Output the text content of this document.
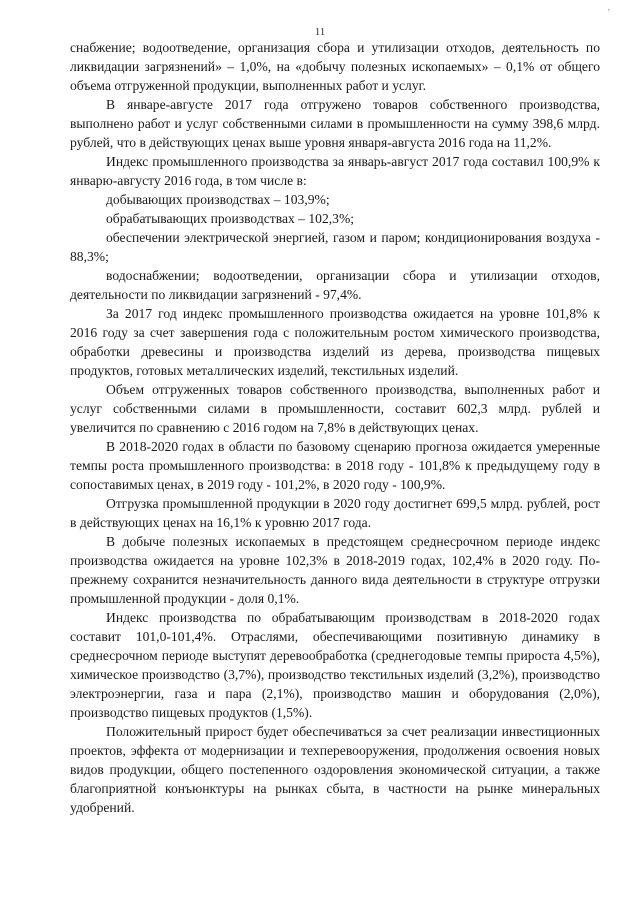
,
11

снабжение; водоотведение, организация сбора и утилизации отходов, деятельность по ликвидации загрязнений» – 1,0%, на «добычу полезных ископаемых» – 0,1% от общего объема отгруженной продукции, выполненных работ и услуг.

В январе-августе 2017 года отгружено товаров собственного производства, выполнено работ и услуг собственными силами в промышленности на сумму 398,6 млрд. рублей, что в действующих ценах выше уровня января-августа 2016 года на 11,2%.

Индекс промышленного производства за январь-август 2017 года составил 100,9% к январю-августу 2016 года, в том числе в:

добывающих производствах – 103,9%;

обрабатывающих производствах – 102,3%;

обеспечении электрической энергией, газом и паром; кондиционирования воздуха - 88,3%;

водоснабжении; водоотведении, организации сбора и утилизации отходов, деятельности по ликвидации загрязнений - 97,4%.

За 2017 год индекс промышленного производства ожидается на уровне 101,8% к 2016 году за счет завершения года с положительным ростом химического производства, обработки древесины и производства изделий из дерева, производства пищевых продуктов, готовых металлических изделий, текстильных изделий.

Объем отгруженных товаров собственного производства, выполненных работ и услуг собственными силами в промышленности, составит 602,3 млрд. рублей и увеличится по сравнению с 2016 годом на 7,8% в действующих ценах.

В 2018-2020 годах в области по базовому сценарию прогноза ожидается умеренные темпы роста промышленного производства: в 2018 году - 101,8% к предыдущему году в сопоставимых ценах, в 2019 году - 101,2%, в 2020 году - 100,9%.

Отгрузка промышленной продукции в 2020 году достигнет 699,5 млрд. рублей, рост в действующих ценах на 16,1% к уровню 2017 года.

В добыче полезных ископаемых в предстоящем среднесрочном периоде индекс производства ожидается на уровне 102,3% в 2018-2019 годах, 102,4% в 2020 году. По-прежнему сохранится незначительность данного вида деятельности в структуре отгрузки промышленной продукции - доля 0,1%.

Индекс производства по обрабатывающим производствам в 2018-2020 годах составит 101,0-101,4%. Отраслями, обеспечивающими позитивную динамику в среднесрочном периоде выступят деревообработка (среднегодовые темпы прироста 4,5%), химическое производство (3,7%), производство текстильных изделий (3,2%), производство электроэнергии, газа и пара (2,1%), производство машин и оборудования (2,0%), производство пищевых продуктов (1,5%).

Положительный прирост будет обеспечиваться за счет реализации инвестиционных проектов, эффекта от модернизации и техперевооружения, продолжения освоения новых видов продукции, общего постепенного оздоровления экономической ситуации, а также благоприятной конъюнктуры на рынках сбыта, в частности на рынке минеральных удобрений.
